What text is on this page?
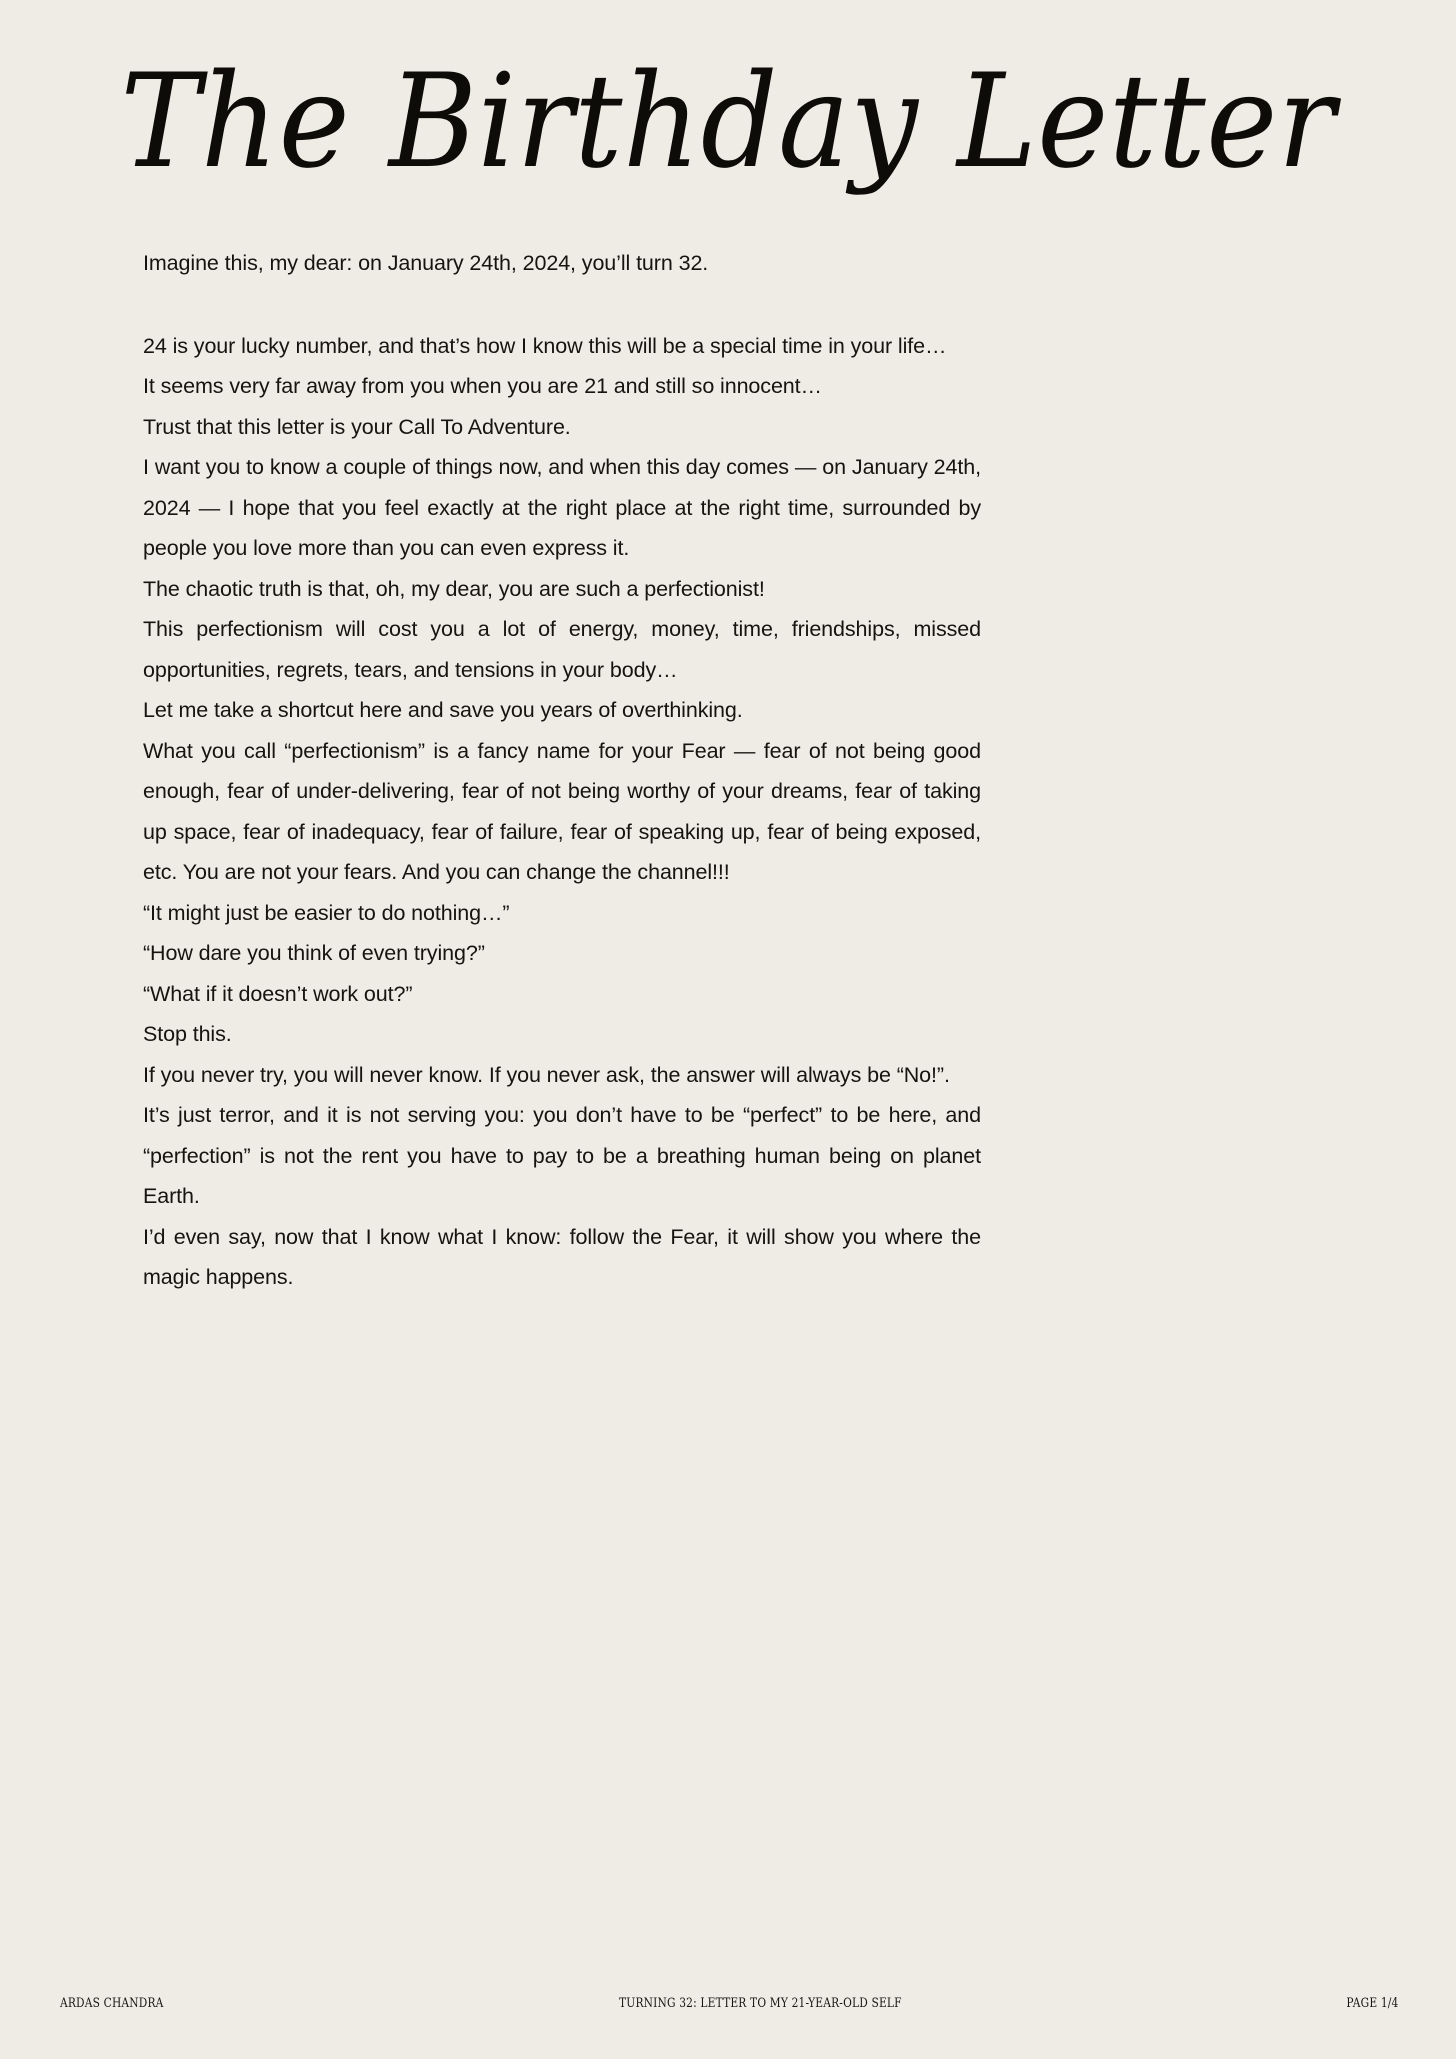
The Birthday Letter

Imagine this, my dear: on January 24th, 2024, you’ll turn 32.

24 is your lucky number, and that’s how I know this will be a special time in your life…

It seems very far away from you when you are 21 and still so innocent…

Trust that this letter is your Call To Adventure.

I want you to know a couple of things now, and when this day comes — on January 24th, 2024 — I hope that you feel exactly at the right place at the right time, surrounded by people you love more than you can even express it.

The chaotic truth is that, oh, my dear, you are such a perfectionist!

This perfectionism will cost you a lot of energy, money, time, friendships, missed opportunities, regrets, tears, and tensions in your body…

Let me take a shortcut here and save you years of overthinking.

What you call “perfectionism” is a fancy name for your Fear — fear of not being good enough, fear of under-delivering, fear of not being worthy of your dreams, fear of taking up space, fear of inadequacy, fear of failure, fear of speaking up, fear of being exposed, etc. You are not your fears. And you can change the channel!!!

“It might just be easier to do nothing…”

“How dare you think of even trying?”

“What if it doesn’t work out?”

Stop this.

If you never try, you will never know. If you never ask, the answer will always be “No!”.

It’s just terror, and it is not serving you: you don’t have to be “perfect” to be here, and “perfection” is not the rent you have to pay to be a breathing human being on planet Earth.

I’d even say, now that I know what I know: follow the Fear, it will show you where the magic happens.

ARDAS CHANDRA	TURNING 32: LETTER TO MY 21-YEAR-OLD SELF	PAGE 1/4
